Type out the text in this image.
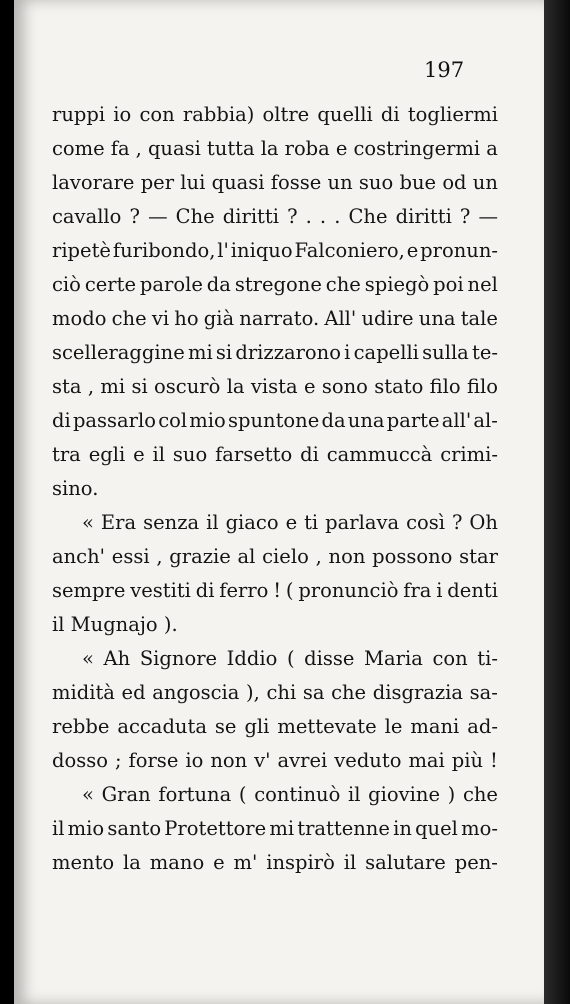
197
ruppi io con rabbia) oltre quelli di togliermi
come fa , quasi tutta la roba e costringermi a
lavorare per lui quasi fosse un suo bue od un
cavallo ? — Che diritti ? . . . Che diritti ? —
ripetè furibondo, l' iniquo Falconiero, e pronun-
ciò certe parole da stregone che spiegò poi nel
modo che vi ho già narrato. All' udire una tale
scelleraggine mi si drizzarono i capelli sulla te-
sta , mi si oscurò la vista e sono stato filo filo
di passarlo col mio spuntone da una parte all' al-
tra egli e il suo farsetto di cammuccà crimi-
sino.
« Era senza il giaco e ti parlava così ? Oh
anch' essi , grazie al cielo , non possono star
sempre vestiti di ferro ! ( pronunciò fra i denti
il Mugnajo ).
« Ah Signore Iddio ( disse Maria con ti-
midità ed angoscia ), chi sa che disgrazia sa-
rebbe accaduta se gli mettevate le mani ad-
dosso ; forse io non v' avrei veduto mai più !
« Gran fortuna ( continuò il giovine ) che
il mio santo Protettore mi trattenne in quel mo-
mento la mano e m' inspirò il salutare pen-
